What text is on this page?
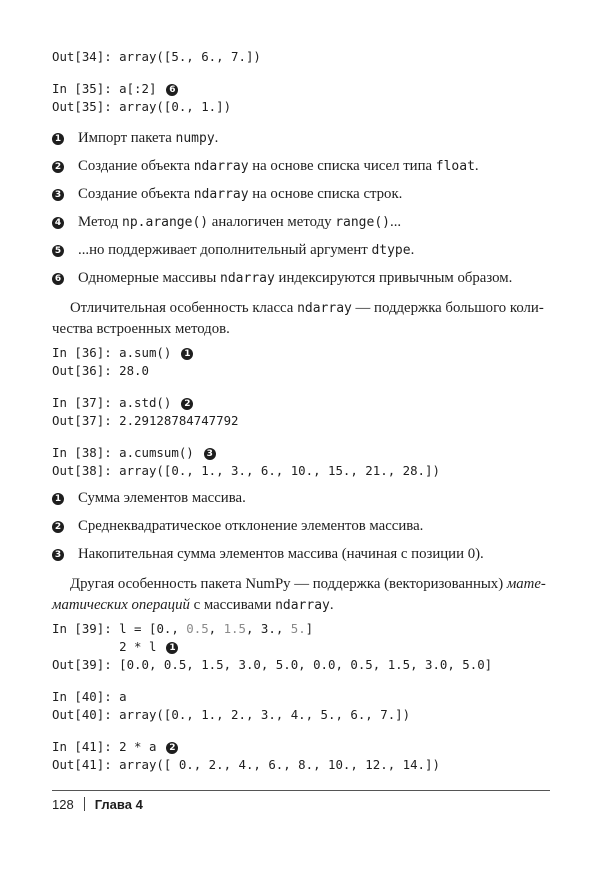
Out[34]: array([5., 6., 7.])
In [35]: a[:2] 6
Out[35]: array([0., 1.])
1 Импорт пакета numpy.
2 Создание объекта ndarray на основе списка чисел типа float.
3 Создание объекта ndarray на основе списка строк.
4 Метод np.arange() аналогичен методу range()...
5 ...но поддерживает дополнительный аргумент dtype.
6 Одномерные массивы ndarray индексируются привычным образом.
Отличительная особенность класса ndarray — поддержка большого коли-
чества встроенных методов.
In [36]: a.sum() 1
Out[36]: 28.0
In [37]: a.std() 2
Out[37]: 2.29128784747792
In [38]: a.cumsum() 3
Out[38]: array([0., 1., 3., 6., 10., 15., 21., 28.])
1 Сумма элементов массива.
2 Среднеквадратическое отклонение элементов массива.
3 Накопительная сумма элементов массива (начиная с позиции 0).
Другая особенность пакета NumPy — поддержка (векторизованных) мате-
матических операций с массивами ndarray.
In [39]: l = [0., 0.5, 1.5, 3., 5.]
2 * l 1
Out[39]: [0.0, 0.5, 1.5, 3.0, 5.0, 0.0, 0.5, 1.5, 3.0, 5.0]
In [40]: a
Out[40]: array([0., 1., 2., 3., 4., 5., 6., 7.])
In [41]: 2 * a 2
Out[41]: array([ 0., 2., 4., 6., 8., 10., 12., 14.])
128 Глава 4
